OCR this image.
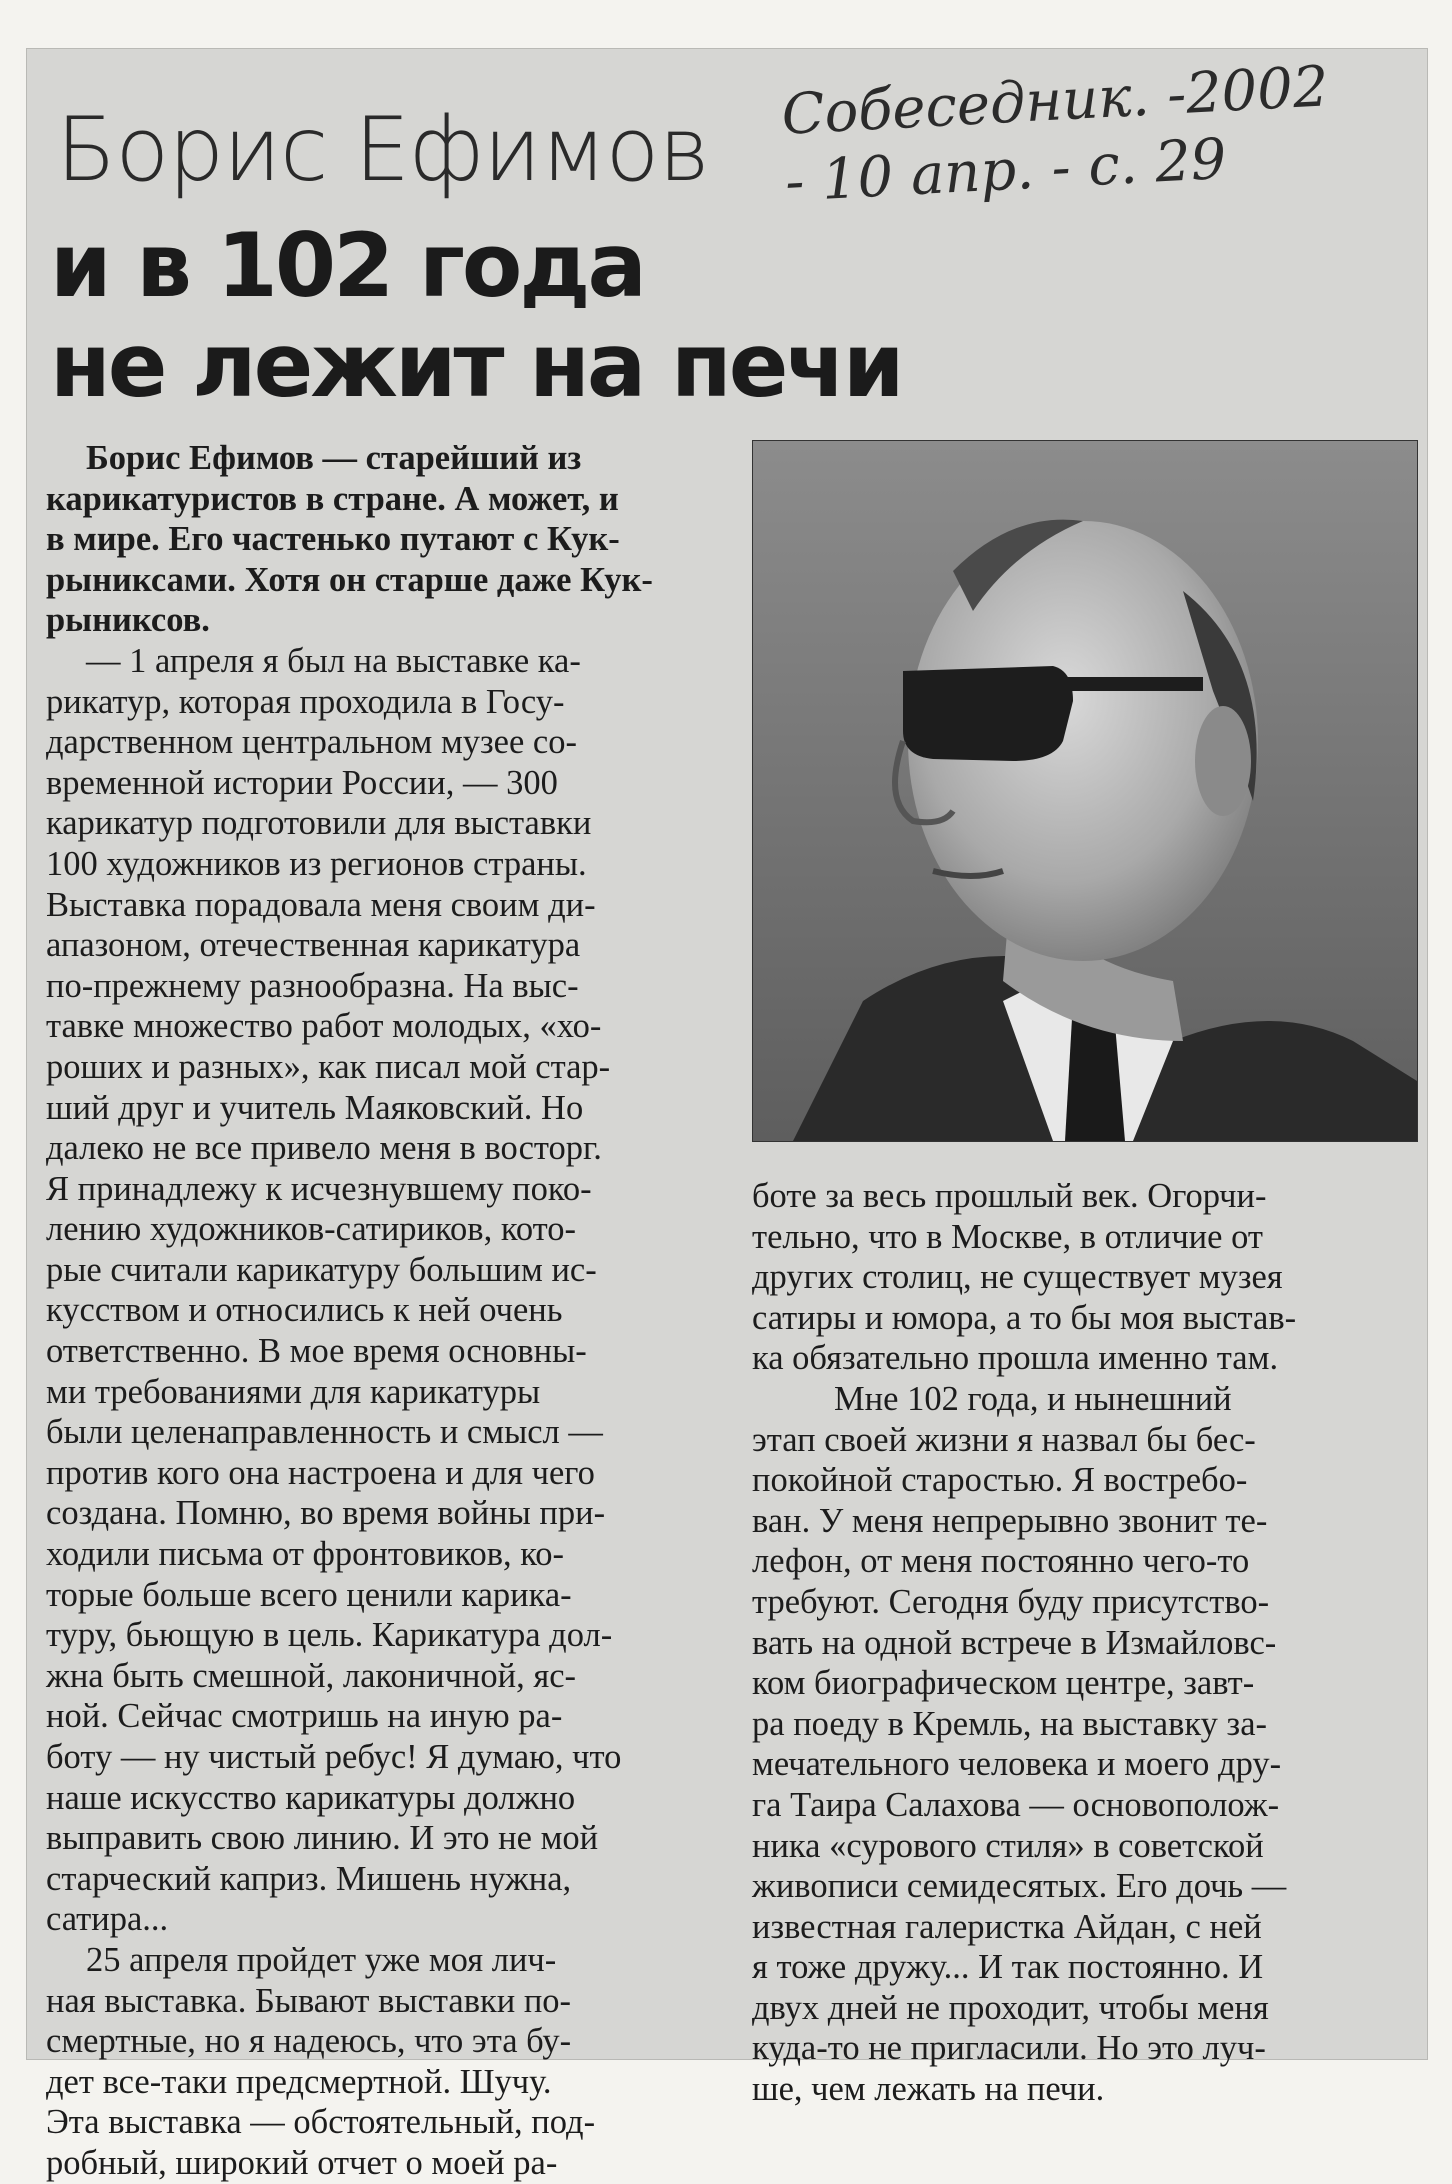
Борис Ефимов
и в 102 года
не лежит на печи
Собеседник. -2002
- 10 апр. - с. 29

Борис Ефимов — старейший из

карикатуристов в стране. А может, и

в мире. Его частенько путают с Кук-

рыниксами. Хотя он старше даже Кук-

рыниксов.

— 1 апреля я был на выставке ка-

рикатур, которая проходила в Госу-

дарственном центральном музее со-

временной истории России, — 300

карикатур подготовили для выставки

100 художников из регионов страны.

Выставка порадовала меня своим ди-

апазоном, отечественная карикатура

по-прежнему разнообразна. На выс-

тавке множество работ молодых, «хо-

роших и разных», как писал мой стар-

ший друг и учитель Маяковский. Но

далеко не все привело меня в восторг.

Я принадлежу к исчезнувшему поко-

лению художников-сатириков, кото-

рые считали карикатуру большим ис-

кусством и относились к ней очень

ответственно. В мое время основны-

ми требованиями для карикатуры

были целенаправленность и смысл —

против кого она настроена и для чего

создана. Помню, во время войны при-

ходили письма от фронтовиков, ко-

торые больше всего ценили карика-

туру, бьющую в цель. Карикатура дол-

жна быть смешной, лаконичной, яс-

ной. Сейчас смотришь на иную ра-

боту — ну чистый ребус! Я думаю, что

наше искусство карикатуры должно

выправить свою линию. И это не мой

старческий каприз. Мишень нужна,

сатира...

25 апреля пройдет уже моя лич-

ная выставка. Бывают выставки по-

смертные, но я надеюсь, что эта бу-

дет все-таки предсмертной. Шучу.

Эта выставка — обстоятельный, под-

робный, широкий отчет о моей ра-

боте за весь прошлый век. Огорчи-

тельно, что в Москве, в отличие от

других столиц, не существует музея

сатиры и юмора, а то бы моя выстав-

ка обязательно прошла именно там.

Мне 102 года, и нынешний

этап своей жизни я назвал бы бес-

покойной старостью. Я востребо-

ван. У меня непрерывно звонит те-

лефон, от меня постоянно чего-то

требуют. Сегодня буду присутство-

вать на одной встрече в Измайловс-

ком биографическом центре, завт-

ра поеду в Кремль, на выставку за-

мечательного человека и моего дру-

га Таира Салахова — основополож-

ника «сурового стиля» в советской

живописи семидесятых. Его дочь —

известная галеристка Айдан, с ней

я тоже дружу... И так постоянно. И

двух дней не проходит, чтобы меня

куда-то не пригласили. Но это луч-

ше, чем лежать на печи.
